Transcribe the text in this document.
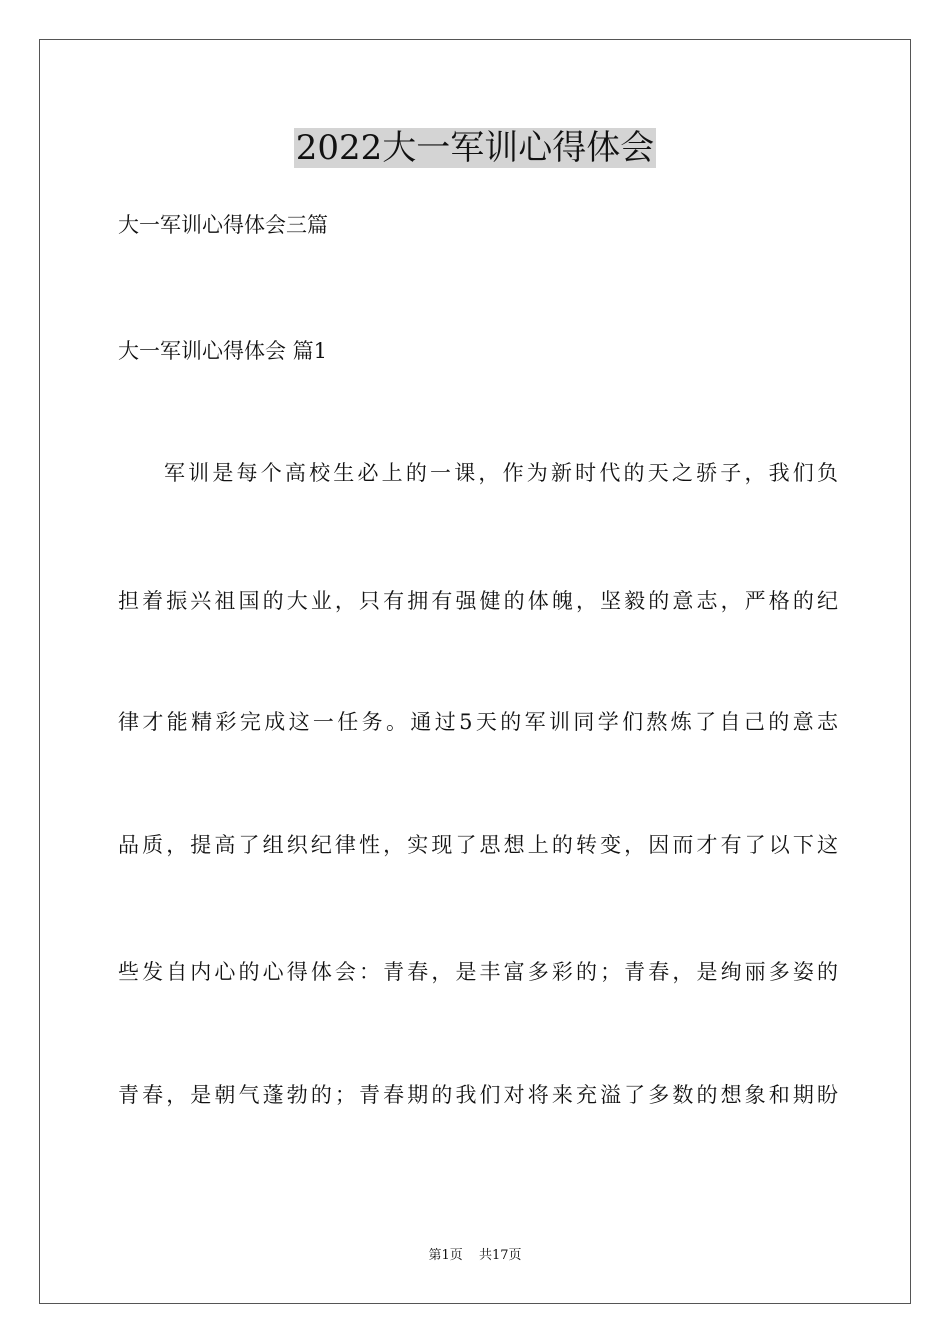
2022大一军训心得体会

大一军训心得体会三篇

大一军训心得体会 篇1

军训是每个高校生必上的一课，作为新时代的天之骄子，我们负

担着振兴祖国的大业，只有拥有强健的体魄，坚毅的意志，严格的纪

律才能精彩完成这一任务。通过5天的军训同学们熬炼了自己的意志

品质，提高了组织纪律性，实现了思想上的转变，因而才有了以下这

些发自内心的心得体会：青春，是丰富多彩的；青春，是绚丽多姿的

青春，是朝气蓬勃的；青春期的我们对将来充溢了多数的想象和期盼

第1页 共17页
